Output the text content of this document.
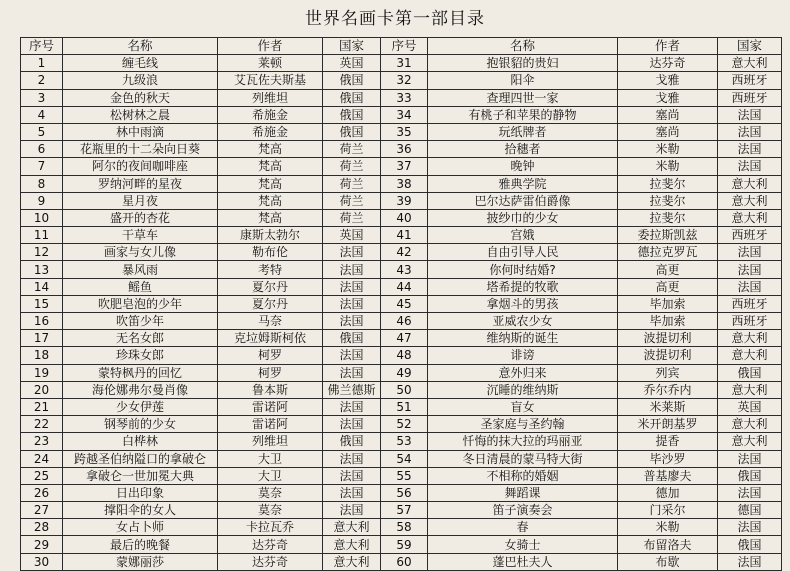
世界名画卡第一部目录
序号	名称	作者	国家	序号	名称	作者	国家
1	缠毛线	莱顿	英国	31	抱银貂的贵妇	达芬奇	意大利
2	九级浪	艾瓦佐夫斯基	俄国	32	阳伞	戈雅	西班牙
3	金色的秋天	列维坦	俄国	33	查理四世一家	戈雅	西班牙
4	松树林之晨	希施金	俄国	34	有桃子和苹果的静物	塞尚	法国
5	林中雨滴	希施金	俄国	35	玩纸牌者	塞尚	法国
6	花瓶里的十二朵向日葵	梵高	荷兰	36	拾穗者	米勒	法国
7	阿尔的夜间咖啡座	梵高	荷兰	37	晚钟	米勒	法国
8	罗纳河畔的星夜	梵高	荷兰	38	雅典学院	拉斐尔	意大利
9	星月夜	梵高	荷兰	39	巴尔达萨雷伯爵像	拉斐尔	意大利
10	盛开的杏花	梵高	荷兰	40	披纱巾的少女	拉斐尔	意大利
11	干草车	康斯太勃尔	英国	41	宫娥	委拉斯凯兹	西班牙
12	画家与女儿像	勒布伦	法国	42	自由引导人民	德拉克罗瓦	法国
13	暴风雨	考特	法国	43	你何时结婚?	高更	法国
14	鳐鱼	夏尔丹	法国	44	塔希提的牧歌	高更	法国
15	吹肥皂泡的少年	夏尔丹	法国	45	拿烟斗的男孩	毕加索	西班牙
16	吹笛少年	马奈	法国	46	亚威农少女	毕加索	西班牙
17	无名女郎	克垃姆斯柯依	俄国	47	维纳斯的诞生	波提切利	意大利
18	珍珠女郎	柯罗	法国	48	诽谤	波提切利	意大利
19	蒙特枫丹的回忆	柯罗	法国	49	意外归来	列宾	俄国
20	海伦娜弗尔曼肖像	鲁本斯	佛兰德斯	50	沉睡的维纳斯	乔尔乔内	意大利
21	少女伊莲	雷诺阿	法国	51	盲女	米莱斯	英国
22	钢琴前的少女	雷诺阿	法国	52	圣家庭与圣约翰	米开朗基罗	意大利
23	白桦林	列维坦	俄国	53	忏悔的抹大拉的玛丽亚	提香	意大利
24	跨越圣伯纳隘口的拿破仑	大卫	法国	54	冬日清晨的蒙马特大街	毕沙罗	法国
25	拿破仑一世加冕大典	大卫	法国	55	不相称的婚姻	普基廖夫	俄国
26	日出印象	莫奈	法国	56	舞蹈课	德加	法国
27	撑阳伞的女人	莫奈	法国	57	笛子演奏会	门采尔	德国
28	女占卜师	卡拉瓦乔	意大利	58	春	米勒	法国
29	最后的晚餐	达芬奇	意大利	59	女骑士	布留洛夫	俄国
30	蒙娜丽莎	达芬奇	意大利	60	蓬巴杜夫人	布歇	法国
